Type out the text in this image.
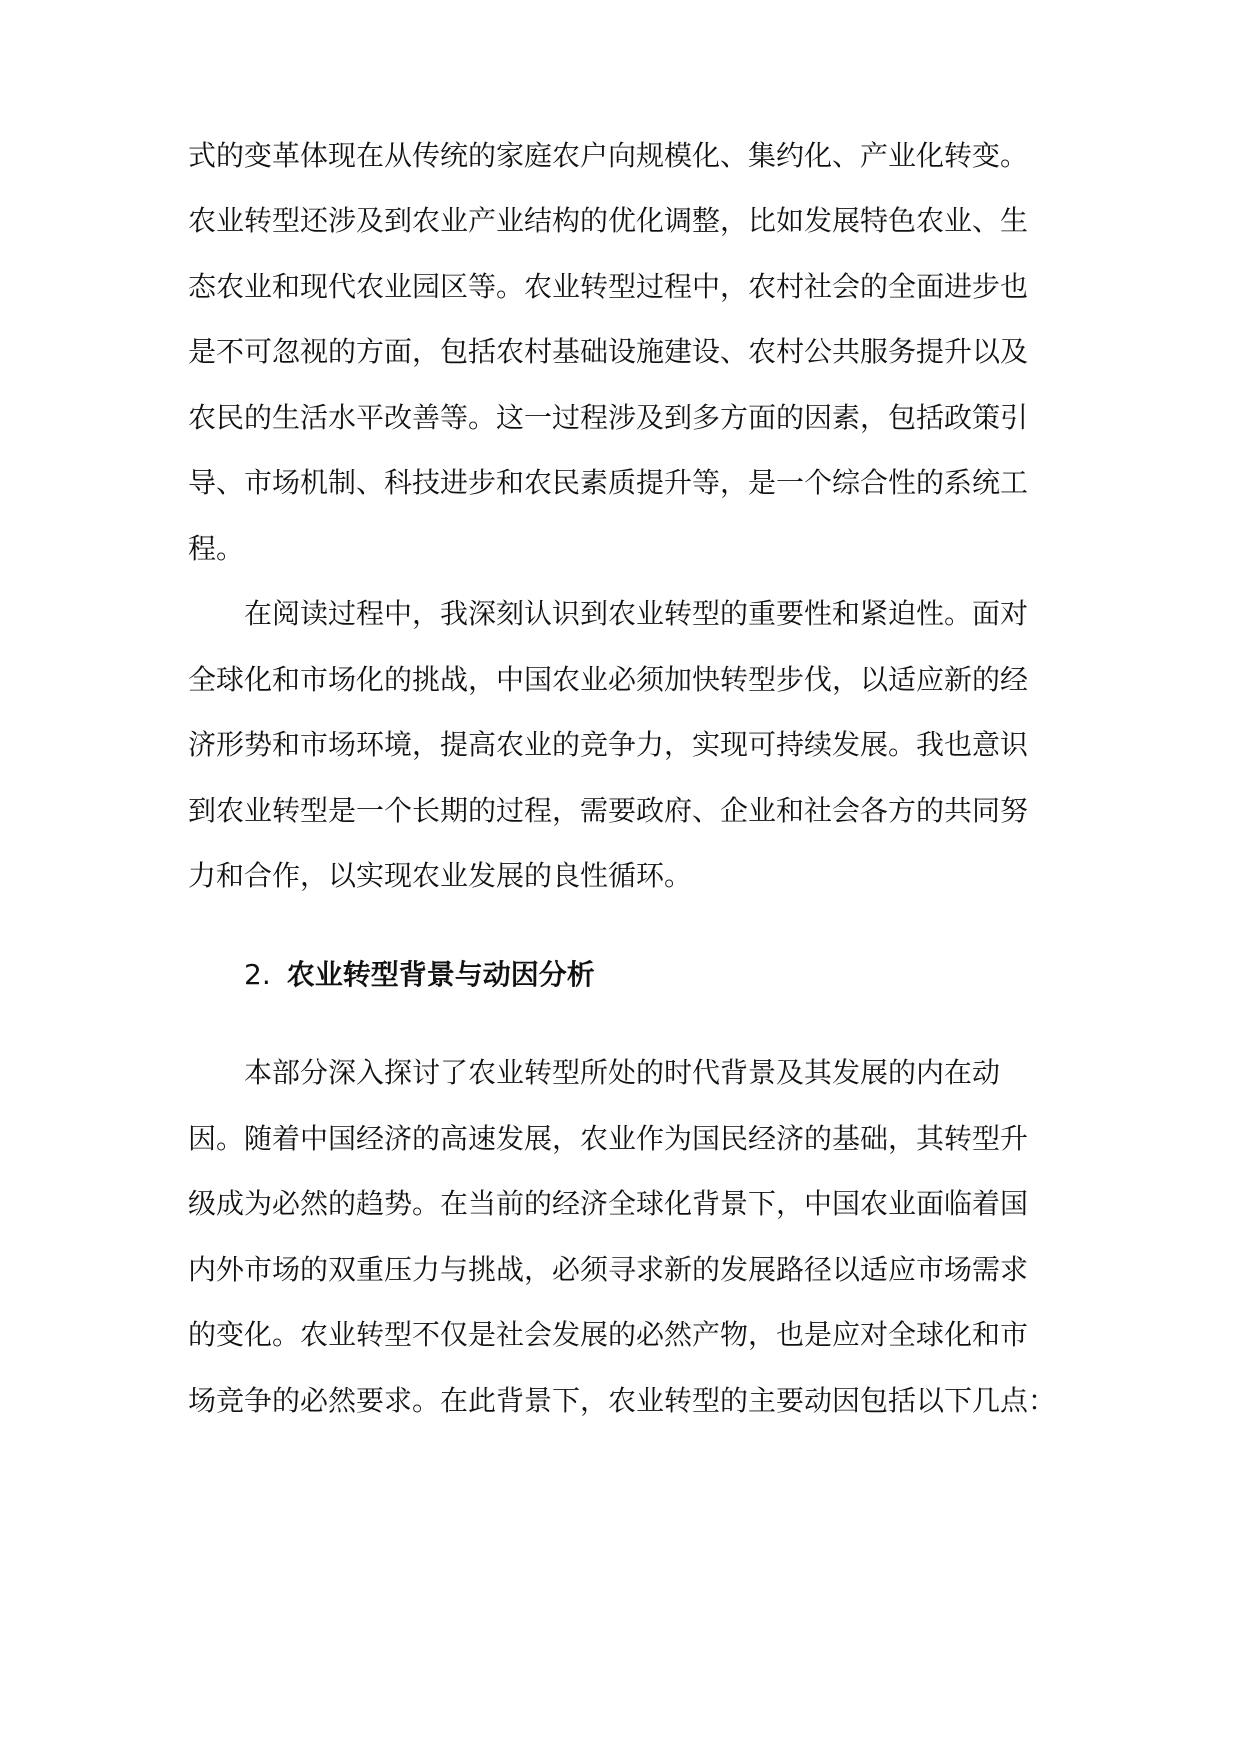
式的变革体现在从传统的家庭农户向规模化、集约化、产业化转变。

农业转型还涉及到农业产业结构的优化调整，比如发展特色农业、生

态农业和现代农业园区等。农业转型过程中，农村社会的全面进步也

是不可忽视的方面，包括农村基础设施建设、农村公共服务提升以及

农民的生活水平改善等。这一过程涉及到多方面的因素，包括政策引

导、市场机制、科技进步和农民素质提升等，是一个综合性的系统工

程。

在阅读过程中，我深刻认识到农业转型的重要性和紧迫性。面对

全球化和市场化的挑战，中国农业必须加快转型步伐，以适应新的经

济形势和市场环境，提高农业的竞争力，实现可持续发展。我也意识

到农业转型是一个长期的过程，需要政府、企业和社会各方的共同努

力和合作，以实现农业发展的良性循环。

2. 农业转型背景与动因分析

本部分深入探讨了农业转型所处的时代背景及其发展的内在动

因。随着中国经济的高速发展，农业作为国民经济的基础，其转型升

级成为必然的趋势。在当前的经济全球化背景下，中国农业面临着国

内外市场的双重压力与挑战，必须寻求新的发展路径以适应市场需求

的变化。农业转型不仅是社会发展的必然产物，也是应对全球化和市

场竞争的必然要求。在此背景下，农业转型的主要动因包括以下几点：
